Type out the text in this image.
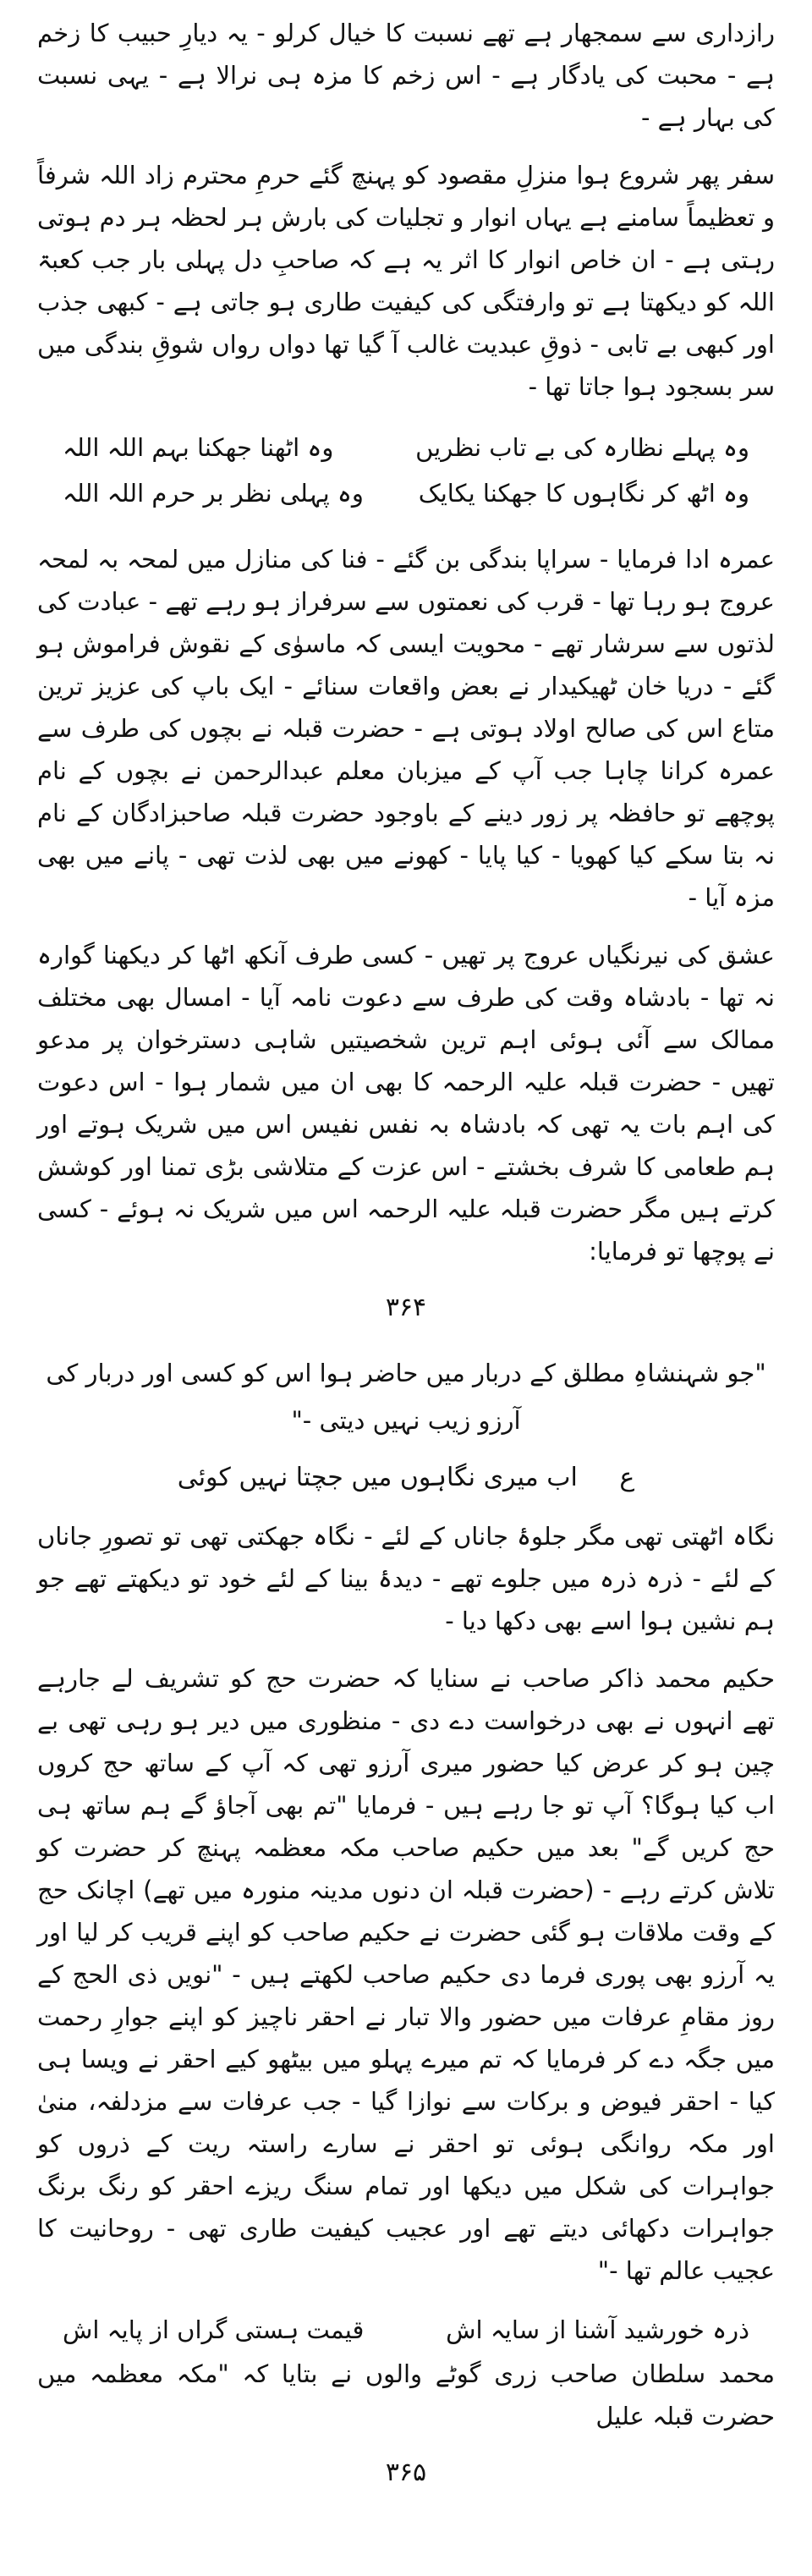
رازداری سے سمجھار ہے تھے نسبت کا خیال کرلو - یہ دیارِ حبیب کا زخم ہے - محبت کی یادگار ہے - اس زخم کا مزہ ہی نرالا ہے - یہی نسبت کی بہار ہے -

سفر پھر شروع ہوا منزلِ مقصود کو پہنچ گئے حرمِ محترم زاد اللہ شرفاً و تعظیماً سامنے ہے یہاں انوار و تجلیات کی بارش ہر لحظہ ہر دم ہوتی رہتی ہے - ان خاص انوار کا اثر یہ ہے کہ صاحبِ دل پہلی بار جب کعبۃ اللہ کو دیکھتا ہے تو وارفتگی کی کیفیت طاری ہو جاتی ہے - کبھی جذب اور کبھی بے تابی - ذوقِ عبدیت غالب آ گیا تھا دواں رواں شوقِ بندگی میں سر بسجود ہوا جاتا تھا -

وہ پہلے نظارہ کی بے تاب نظریں
وہ اٹھنا جھکنا بہم اللہ اللہ
وہ اٹھ کر نگاہوں کا جھکنا یکایک
وہ پہلی نظر بر حرم اللہ اللہ

عمرہ ادا فرمایا - سراپا بندگی بن گئے - فنا کی منازل میں لمحہ بہ لمحہ عروج ہو رہا تھا - قرب کی نعمتوں سے سرفراز ہو رہے تھے - عبادت کی لذتوں سے سرشار تھے - محویت ایسی کہ ماسوٰی کے نقوش فراموش ہو گئے - دریا خان ٹھیکیدار نے بعض واقعات سنائے - ایک باپ کی عزیز ترین متاع اس کی صالح اولاد ہوتی ہے - حضرت قبلہ نے بچوں کی طرف سے عمرہ کرانا چاہا جب آپ کے میزبان معلم عبدالرحمن نے بچوں کے نام پوچھے تو حافظہ پر زور دینے کے باوجود حضرت قبلہ صاحبزادگان کے نام نہ بتا سکے کیا کھویا - کیا پایا - کھونے میں بھی لذت تھی - پانے میں بھی مزہ آیا -

عشق کی نیرنگیاں عروج پر تھیں - کسی طرف آنکھ اٹھا کر دیکھنا گوارہ نہ تھا - بادشاہ وقت کی طرف سے دعوت نامہ آیا - امسال بھی مختلف ممالک سے آئی ہوئی اہم ترین شخصیتیں شاہی دسترخوان پر مدعو تھیں - حضرت قبلہ علیہ الرحمہ کا بھی ان میں شمار ہوا - اس دعوت کی اہم بات یہ تھی کہ بادشاہ بہ نفس نفیس اس میں شریک ہوتے اور ہم طعامی کا شرف بخشتے - اس عزت کے متلاشی بڑی تمنا اور کوشش کرتے ہیں مگر حضرت قبلہ علیہ الرحمہ اس میں شریک نہ ہوئے - کسی نے پوچھا تو فرمایا:

۳۶۴

"جو شہنشاہِ مطلق کے دربار میں حاضر ہوا اس کو کسی اور دربار کی آرزو زیب نہیں دیتی -"

ع اب میری نگاہوں میں جچتا نہیں کوئی

نگاہ اٹھتی تھی مگر جلوۂ جاناں کے لئے - نگاہ جھکتی تھی تو تصورِ جاناں کے لئے - ذرہ ذرہ میں جلوے تھے - دیدۂ بینا کے لئے خود تو دیکھتے تھے جو ہم نشین ہوا اسے بھی دکھا دیا -

حکیم محمد ذاکر صاحب نے سنایا کہ حضرت حج کو تشریف لے جارہے تھے انہوں نے بھی درخواست دے دی - منظوری میں دیر ہو رہی تھی بے چین ہو کر عرض کیا حضور میری آرزو تھی کہ آپ کے ساتھ حج کروں اب کیا ہوگا؟ آپ تو جا رہے ہیں - فرمایا "تم بھی آجاؤ گے ہم ساتھ ہی حج کریں گے" بعد میں حکیم صاحب مکہ معظمہ پہنچ کر حضرت کو تلاش کرتے رہے - (حضرت قبلہ ان دنوں مدینہ منورہ میں تھے) اچانک حج کے وقت ملاقات ہو گئی حضرت نے حکیم صاحب کو اپنے قریب کر لیا اور یہ آرزو بھی پوری فرما دی حکیم صاحب لکھتے ہیں - "نویں ذی الحج کے روز مقامِ عرفات میں حضور والا تبار نے احقر ناچیز کو اپنے جوارِ رحمت میں جگہ دے کر فرمایا کہ تم میرے پہلو میں بیٹھو کیے احقر نے ویسا ہی کیا - احقر فیوض و برکات سے نوازا گیا - جب عرفات سے مزدلفہ، منیٰ اور مکہ روانگی ہوئی تو احقر نے سارے راستہ ریت کے ذروں کو جواہرات کی شکل میں دیکھا اور تمام سنگ ریزے احقر کو رنگ برنگ جواہرات دکھائی دیتے تھے اور عجیب کیفیت طاری تھی - روحانیت کا عجیب عالم تھا -"

ذرہ خورشید آشنا از سایہ اش
قیمت ہستی گراں از پایہ اش

محمد سلطان صاحب زری گوٹے والوں نے بتایا کہ "مکہ معظمہ میں حضرت قبلہ علیل

۳۶۵
